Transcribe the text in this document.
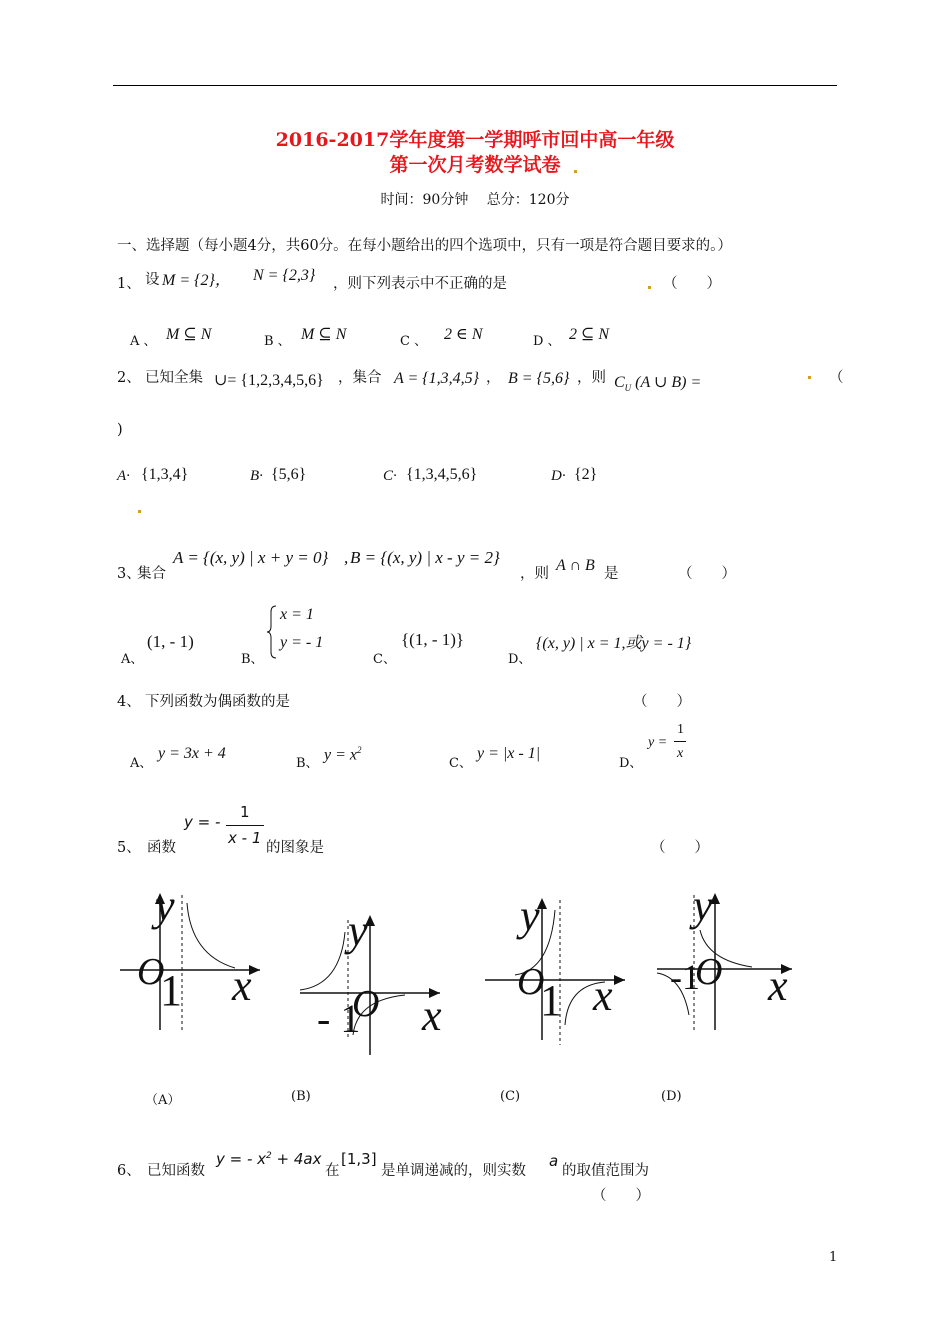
2016-2017学年度第一学期呼市回中高一年级
第一次月考数学试卷
时间：90分钟　 总分：120分
一、选择题（每小题4分，共60分。在每小题给出的四个选项中，只有一项是符合题目要求的。）
1、 设 M = {2}， N = {2,3} ，则下列表示中不正确的是	（　　）
A 、 M ⊆ N	B 、 M ⊆ N	C 、 2 ∈ N	D 、 2 ⊆ N
2、 已知全集 ∪= {1,2,3,4,5,6} ，集合 A = {1,3,4,5} ， B = {5,6} ，则 $C_U$ (A ∪ B) =	（
)
A· {1,3,4}	B· {5,6}	C· {1,3,4,5,6}	D· {2}
3、
集合
A = {(x, y) | x + y = 0} , B = {(x, y) | x - y = 2}
，则 A ∩ B 是	（　　）
A、
(1, - 1)
B、
x = 1
y = - 1
C、
{(1, - 1)}
D、
{(x, y) | x = 1,或y = - 1}
4、 下列函数为偶函数的是	（　　）
A、
y = 3x + 4
B、
$y = x^2$
C、
y = |x - 1|
D、
y =
1
x
5、 函数
y = -
1
x - 1
的图象是	（　　）
y
x
O
1
（A）
y
x
O
- 1
(B)
y
x
O
1
(C)
y
x
O
-1
(D)
6、 已知函数
y = - $x^2 + 4ax$
在
[1,3]
是单调递减的，则实数
a
的取值范围为
（　　）
1
